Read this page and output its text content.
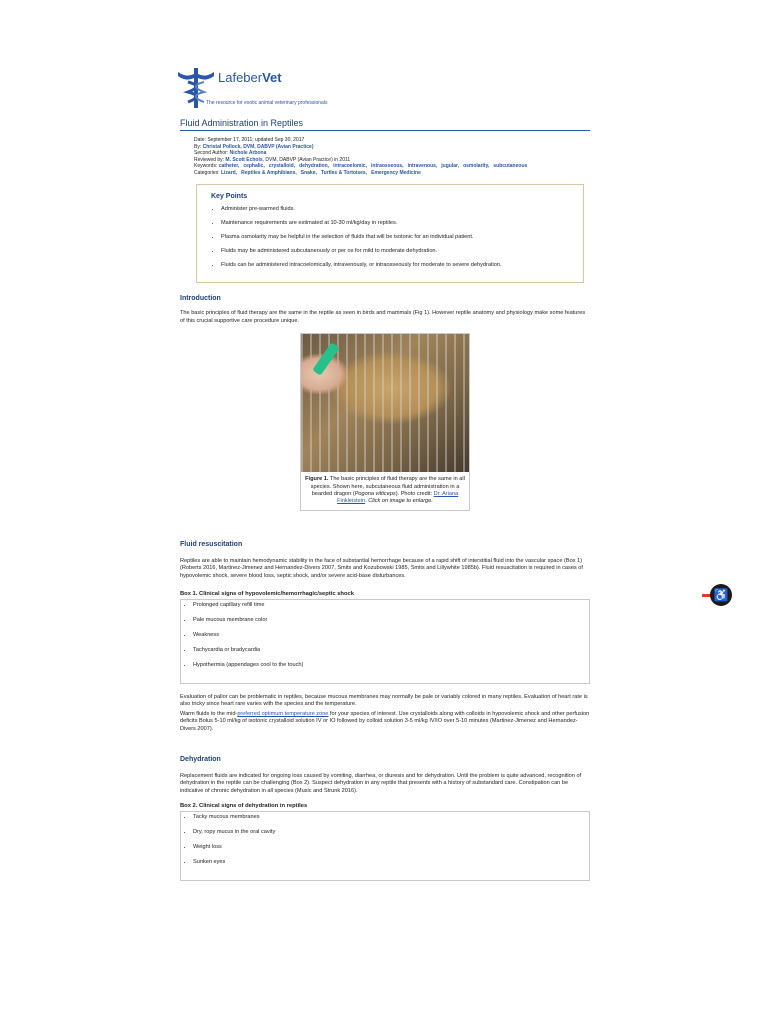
LafeberVet
The resource for exotic animal veterinary professionals
Fluid Administration in Reptiles
Date: September 17, 2011; updated Sep 30, 2017
By: Christal Pollock, DVM, DABVP (Avian Practice)
Second Author: Nichole Arbona
Reviewed by: M. Scott Echols, DVM, DABVP (Avian Practice) in 2011
Keywords: catheter, cephalic, crystalloid, dehydration, intracoelomic, intraosseous, intravenous, jugular, osmolarity, subcutaneous
Categories: Lizard, Reptiles & Amphibians, Snake, Turtles & Tortoises, Emergency Medicine
Key Points
• Administer pre-warmed fluids.
• Maintenance requirements are estimated at 10-30 ml/kg/day in reptiles.
• Plasma osmolarity may be helpful in the selection of fluids that will be isotonic for an individual patient.
• Fluids may be administered subcutaneously or per os for mild to moderate dehydration.
• Fluids can be administered intracoelomically, intravenously, or intraosseously for moderate to severe dehydration.
Introduction

The basic principles of fluid therapy are the same in the reptile as seen in birds and mammals (Fig 1). However reptile anatomy and physiology make some features of this crucial supportive care procedure unique.

Figure 1. The basic principles of fluid therapy are the same in all species. Shown here, subcutaneous fluid administration in a bearded dragon (Pogona vitticeps). Photo credit: Dr. Ariana Finkleistein. Click on image to enlarge.
Fluid resuscitation

Reptiles are able to maintain hemodynamic stability in the face of substantial hemorrhage because of a rapid shift of interstitial fluid into the vascular space (Box 1) (Roberts 2016, Martinez-Jimenez and Hernandez-Divers 2007, Smits and Kozubowski 1985, Smits and Lillywhite 1985b). Fluid resuscitation is required in cases of hypovolemic shock, severe blood loss, septic shock, and/or severe acid-base disturbances.

Box 1. Clinical signs of hypovolemic/hemorrhagic/septic shock
• Prolonged capillary refill time
• Pale mucous membrane color
• Weakness
• Tachycardia or bradycardia
• Hypothermia (appendages cool to the touch)

Evaluation of pallor can be problematic in reptiles, because mucous membranes may normally be pale or variably colored in many reptiles. Evaluation of heart rate is also tricky since heart rare varies with the species and the temperature.

Warm fluids to the mid-preferred optimum temperature zone for your species of interest. Use crystalloids along with colloids in hypovolemic shock and other perfusion deficits Bolus 5-10 ml/kg of isotonic crystalloid solution IV or IO followed by colloid solution 3-5 ml/kg IV/IO over 5-10 minutes (Martinez-Jimenez and Hernandez-Divers 2007).

Dehydration

Replacement fluids are indicated for ongoing loss caused by vomiting, diarrhea, or diuresis and for dehydration. Until the problem is quite advanced, recognition of dehydration in the reptile can be challenging (Box 2). Suspect dehydration in any reptile that presents with a history of substandard care. Constipation can be indicative of chronic dehydration in all species (Music and Strunk 2016).

Box 2. Clinical signs of dehydration in reptiles
• Tacky mucous membranes
• Dry, ropy mucus in the oral cavity
• Weight loss
• Sunken eyes
♿
